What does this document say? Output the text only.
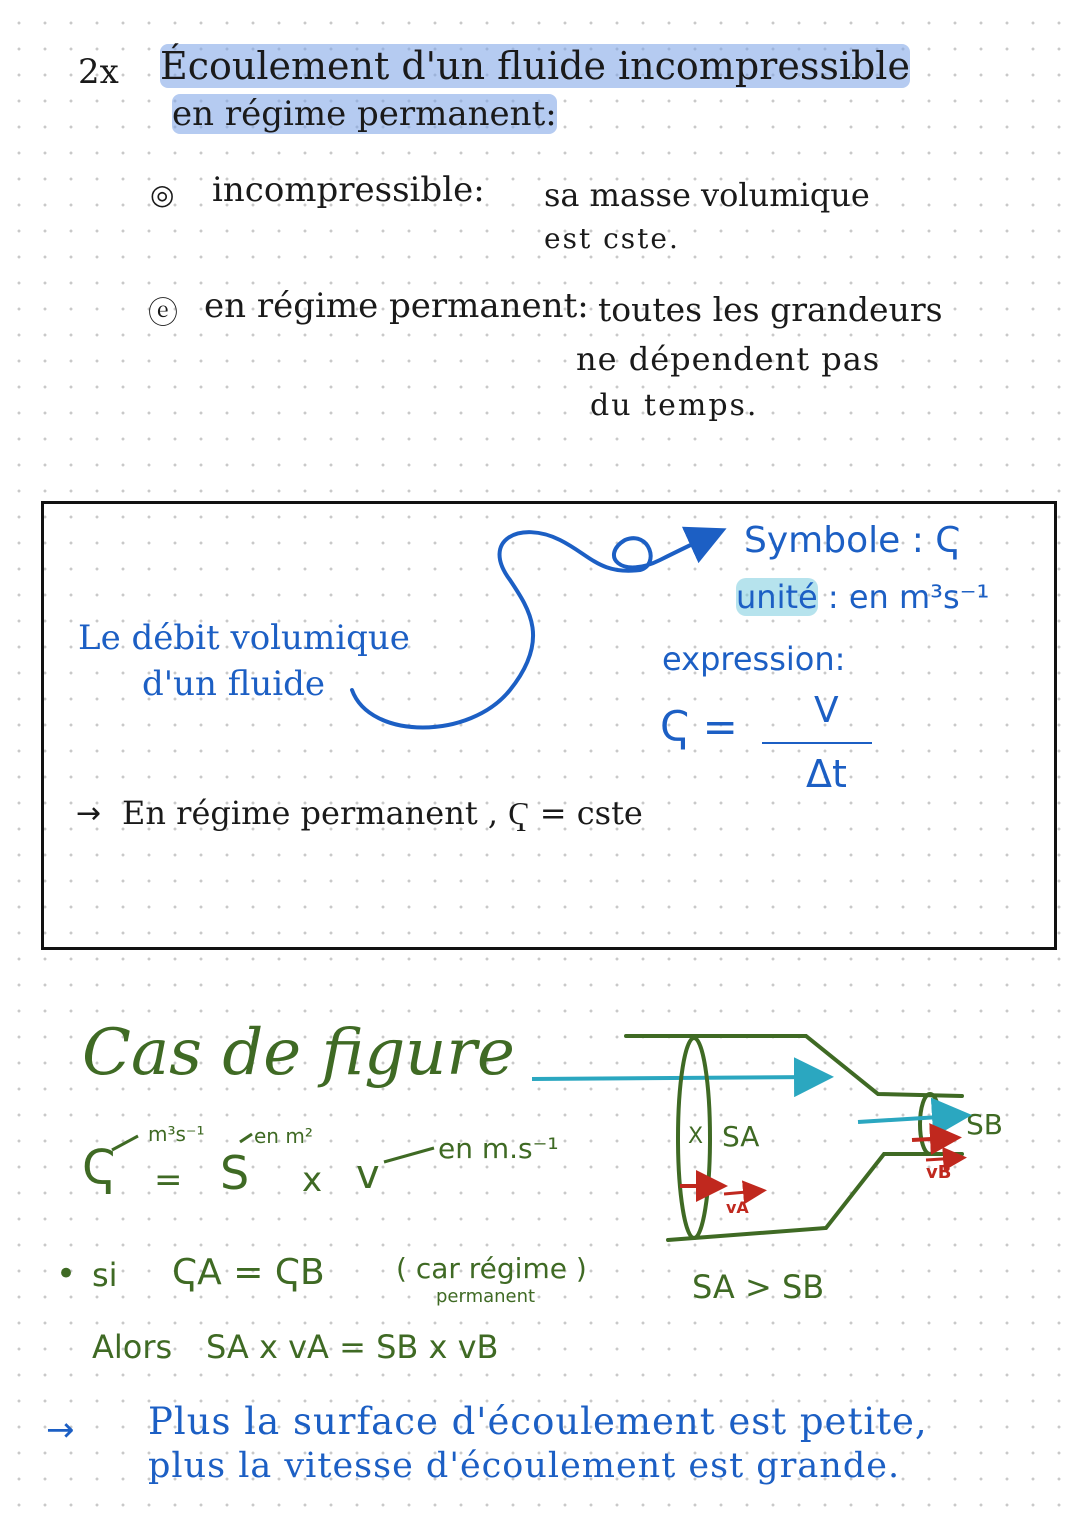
2x Écoulement d'un fluide incompressible
en régime permanent:
◎ incompressible: sa masse volumique
est cste.
ⓔ en régime permanent: toutes les grandeurs
ne dépendent pas
du temps.
Le débit volumique
d'un fluide
Symbole : Ҁ
unité : en m³s⁻¹
expression:
Ҁ = V
Δt
→ En régime permanent , Ҁ = cste
Cas de figure
m³s⁻¹ en m²	en m.s⁻¹
Ҁ = S x v
• si ҀA = ҀB	( car régime )
permanent
Alors SA x vA = SB x vB
→ Plus la surface d'écoulement est petite,
plus la vitesse d'écoulement est grande.
X SA
vA
SB
vB
SA > SB
